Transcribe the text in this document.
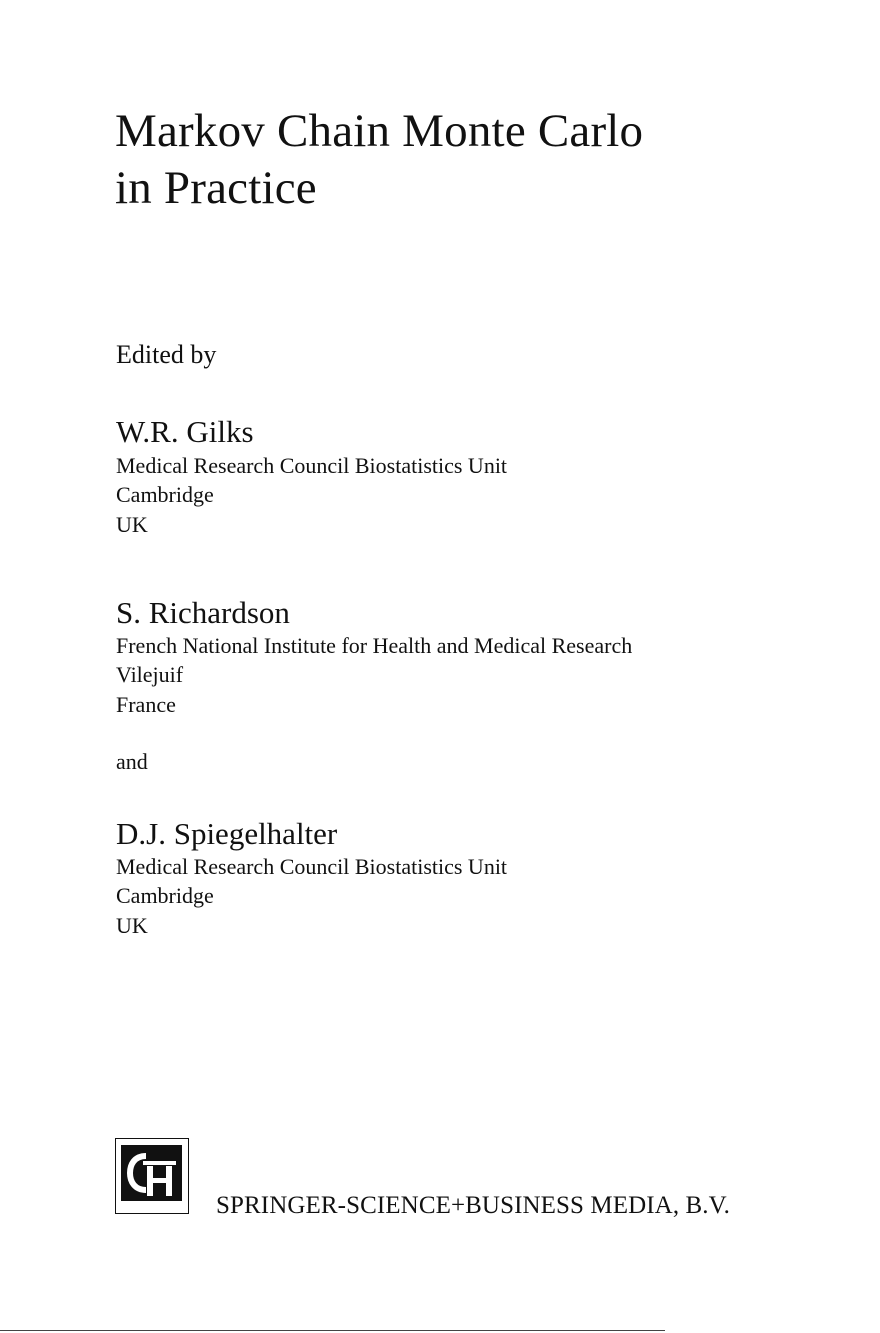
Markov Chain Monte Carlo
in Practice
Edited by
W.R. Gilks
Medical Research Council Biostatistics Unit
Cambridge
UK
S. Richardson
French National Institute for Health and Medical Research
Vilejuif
France
and
D.J. Spiegelhalter
Medical Research Council Biostatistics Unit
Cambridge
UK
SPRINGER-SCIENCE+BUSINESS MEDIA, B.V.
